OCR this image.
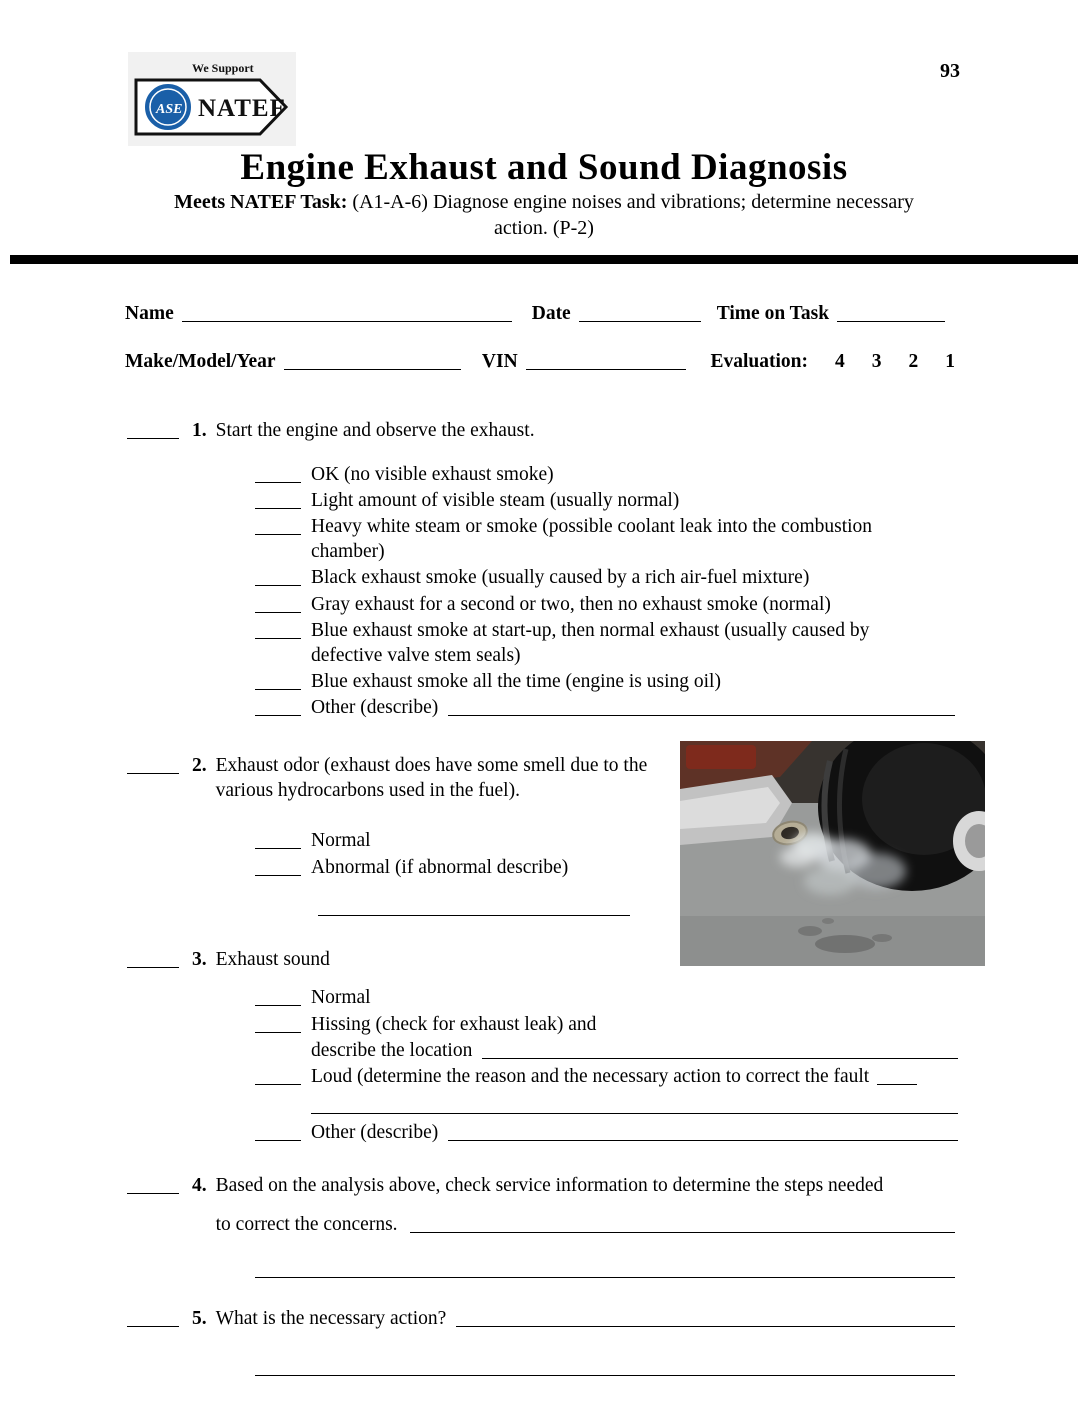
We Support
ASE NATEF
93
Engine Exhaust and Sound Diagnosis
Meets NATEF Task: (A1-A-6) Diagnose engine noises and vibrations; determine necessary
action. (P-2)
Name	Date	Time on Task
Make/Model/Year	VIN	Evaluation: 4 3 2 1
1. Start the engine and observe the exhaust.
OK (no visible exhaust smoke)
Light amount of visible steam (usually normal)
Heavy white steam or smoke (possible coolant leak into the combustion chamber)
Black exhaust smoke (usually caused by a rich air-fuel mixture)
Gray exhaust for a second or two, then no exhaust smoke (normal)
Blue exhaust smoke at start-up, then normal exhaust (usually caused by defective valve stem seals)
Blue exhaust smoke all the time (engine is using oil)
Other (describe)
2. Exhaust odor (exhaust does have some smell due to the various hydrocarbons used in the fuel).
Normal
Abnormal (if abnormal describe)
3. Exhaust sound
Normal
Hissing (check for exhaust leak) and
describe the location
Loud (determine the reason and the necessary action to correct the fault
Other (describe)
4. Based on the analysis above, check service information to determine the steps needed
to correct the concerns.
5. What is the necessary action?
